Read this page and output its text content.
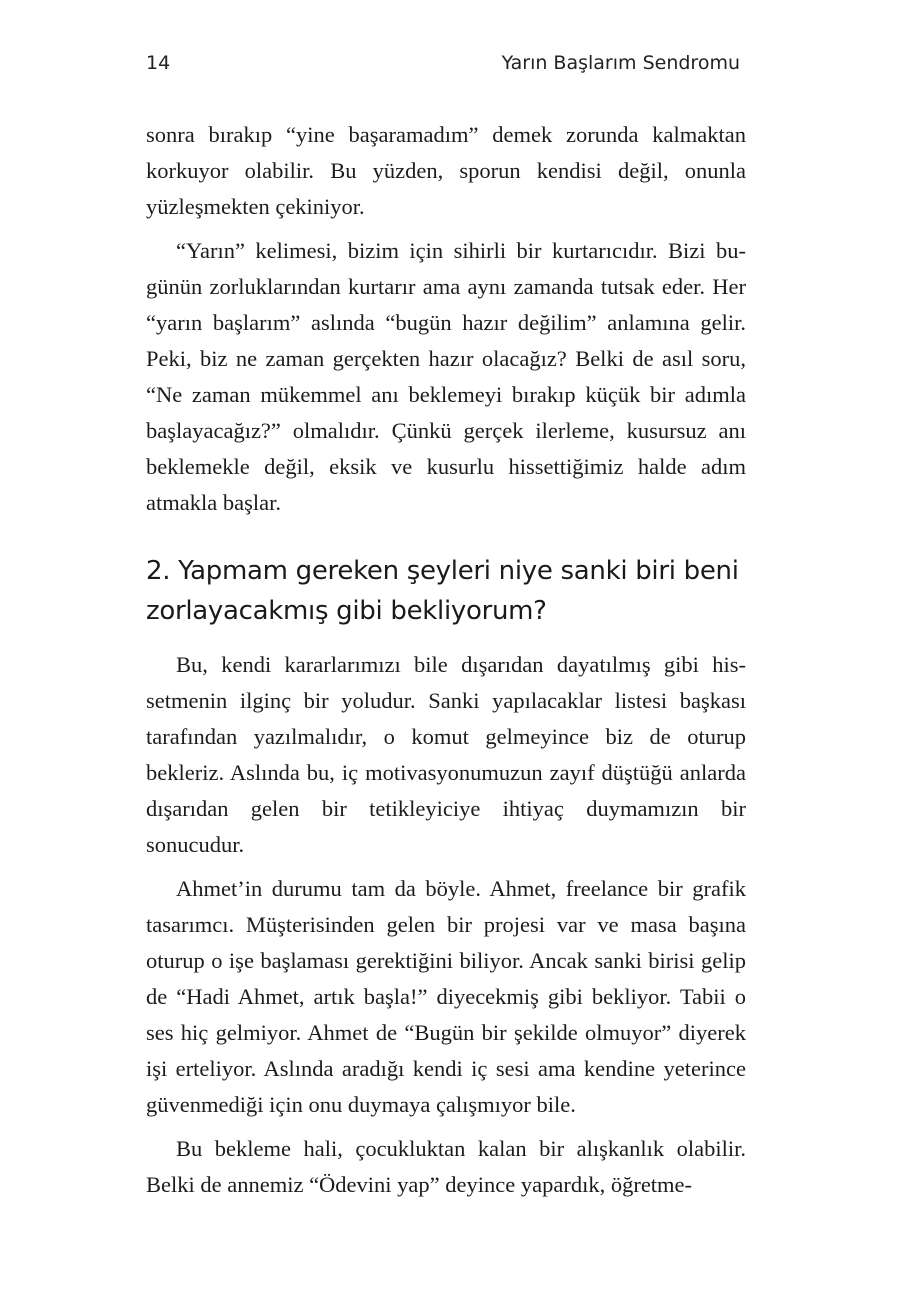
14	Yarın Başlarım Sendromu

sonra bırakıp “yine başaramadım” demek zorunda kalmaktan korkuyor olabilir. Bu yüzden, sporun kendisi değil, onunla yüzleşmekten çekiniyor.

“Yarın” kelimesi, bizim için sihirli bir kurtarıcıdır. Bizi bugünün zorluklarından kurtarır ama aynı zamanda tutsak eder. Her “yarın başlarım” aslında “bugün hazır değilim” anlamına gelir. Peki, biz ne zaman gerçekten hazır olacağız? Belki de asıl soru, “Ne zaman mükemmel anı beklemeyi bırakıp küçük bir adımla başlayacağız?” olmalıdır. Çünkü gerçek ilerleme, kusursuz anı beklemekle değil, eksik ve kusurlu hissettiğimiz halde adım atmakla başlar.

2. Yapmam gereken şeyleri niye sanki biri beni zorlayacakmış gibi bekliyorum?

Bu, kendi kararlarımızı bile dışarıdan dayatılmış gibi hissetmenin ilginç bir yoludur. Sanki yapılacaklar listesi başkası tarafından yazılmalıdır, o komut gelmeyince biz de oturup bekleriz. Aslında bu, iç motivasyonumuzun zayıf düştüğü anlarda dışarıdan gelen bir tetikleyiciye ihtiyaç duymamızın bir sonucudur.

Ahmet’in durumu tam da böyle. Ahmet, freelance bir grafik tasarımcı. Müşterisinden gelen bir projesi var ve masa başına oturup o işe başlaması gerektiğini biliyor. Ancak sanki birisi gelip de “Hadi Ahmet, artık başla!” diyecekmiş gibi bekliyor. Tabii o ses hiç gelmiyor. Ahmet de “Bugün bir şekilde olmuyor” diyerek işi erteliyor. Aslında aradığı kendi iç sesi ama kendine yeterince güvenmediği için onu duymaya çalışmıyor bile.

Bu bekleme hali, çocukluktan kalan bir alışkanlık olabilir. Belki de annemiz “Ödevini yap” deyince yapardık, öğretme-
